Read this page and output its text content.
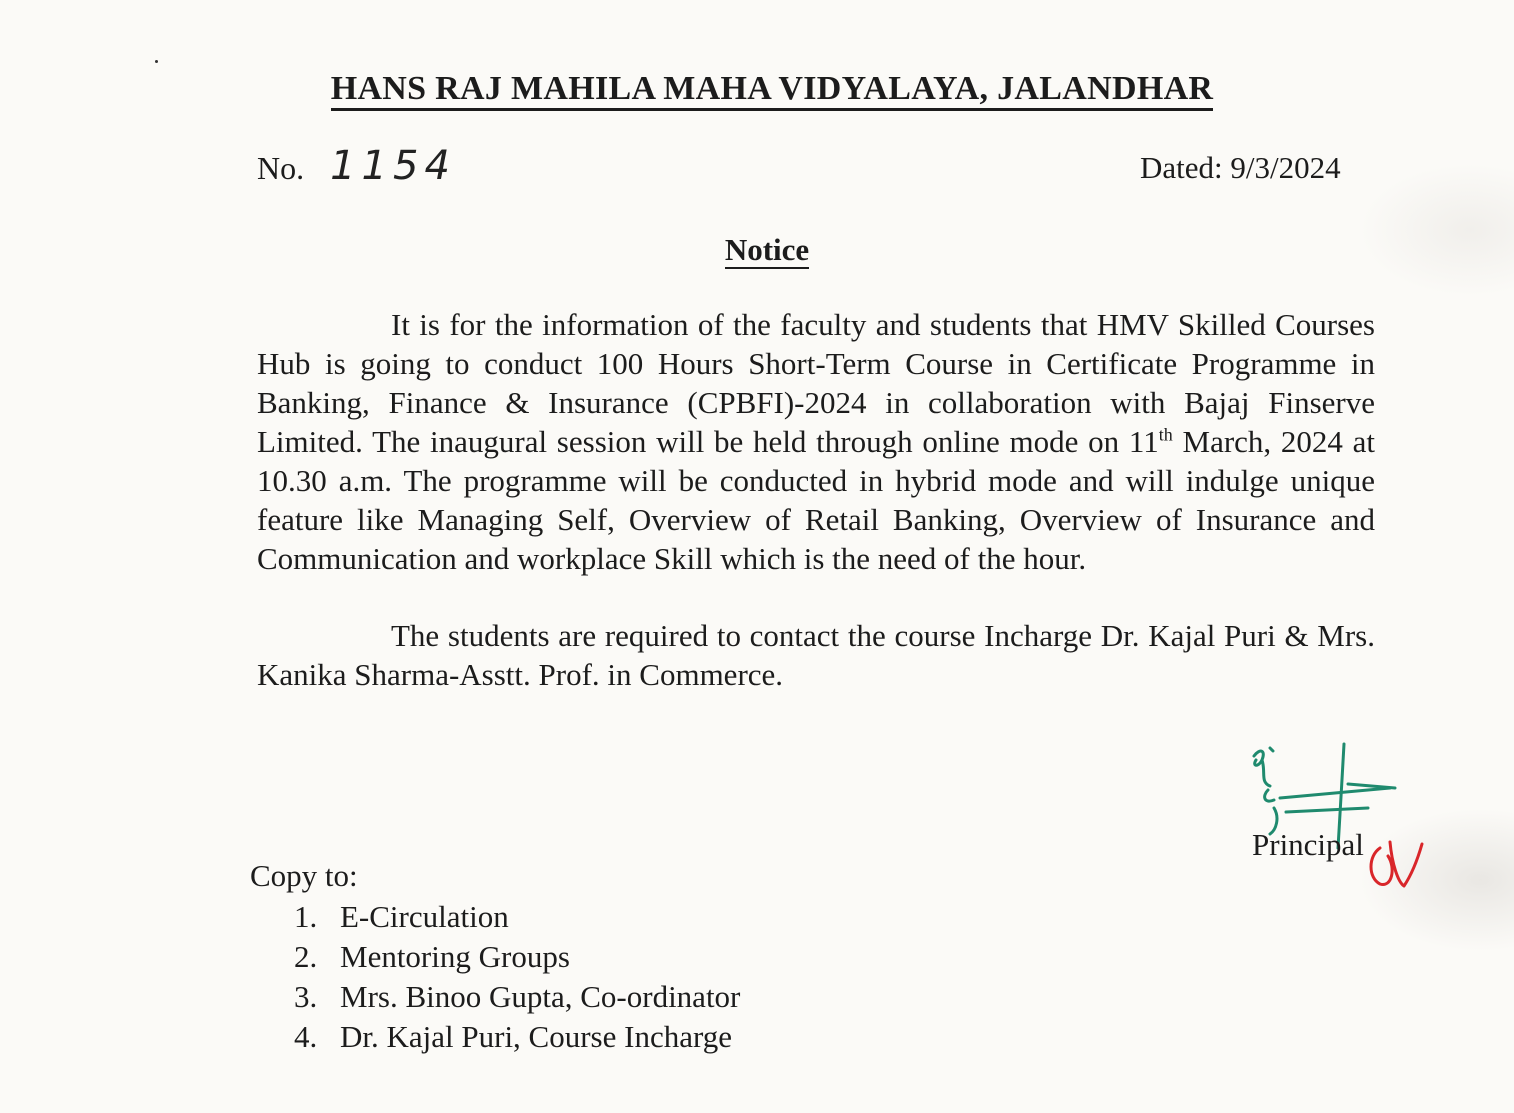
HANS RAJ MAHILA MAHA VIDYALAYA, JALANDHAR
No. 1154	Dated: 9/3/2024
Notice

It is for the information of the faculty and students that HMV Skilled Courses Hub is going to conduct 100 Hours Short-Term Course in Certificate Programme in Banking, Finance & Insurance (CPBFI)-2024 in collaboration with Bajaj Finserve Limited. The inaugural session will be held through online mode on 11th March, 2024 at 10.30 a.m. The programme will be conducted in hybrid mode and will indulge unique feature like Managing Self, Overview of Retail Banking, Overview of Insurance and Communication and workplace Skill which is the need of the hour.

The students are required to contact the course Incharge Dr. Kajal Puri & Mrs. Kanika Sharma-Asstt. Prof. in Commerce.

Principal
Copy to:
1. E-Circulation
2. Mentoring Groups
3. Mrs. Binoo Gupta, Co-ordinator
4. Dr. Kajal Puri, Course Incharge
